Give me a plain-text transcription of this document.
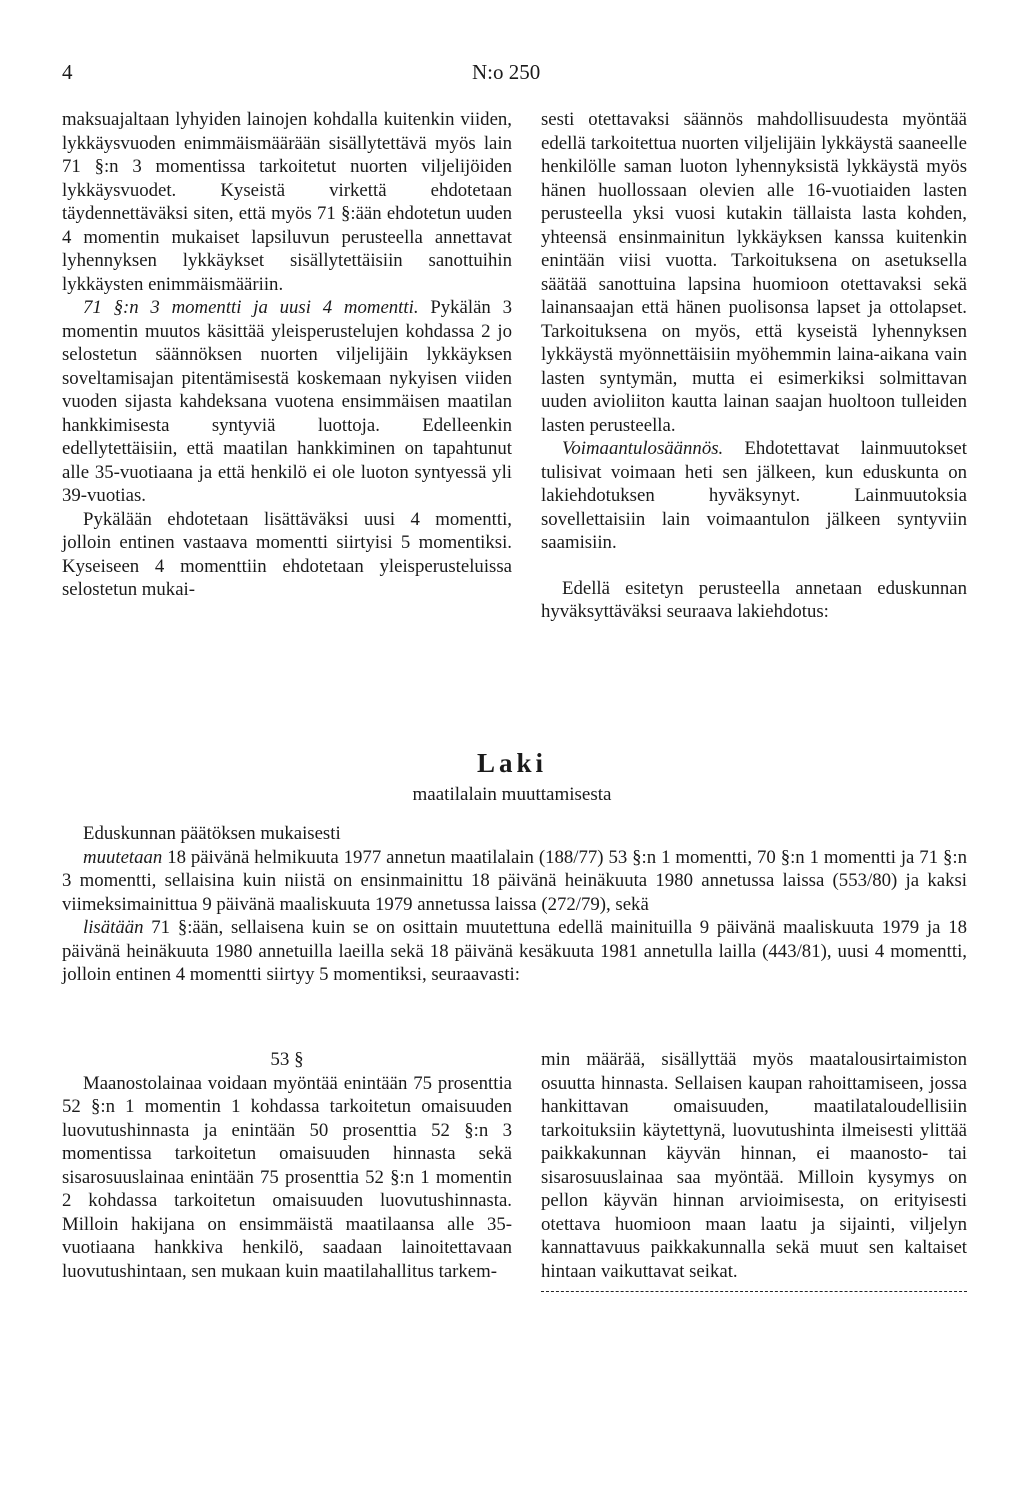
4	N:o 250

maksuajaltaan lyhyiden lainojen kohdalla kuitenkin viiden, lykkäysvuoden enimmäismäärään sisällytettävä myös lain 71 §:n 3 momentissa tarkoitetut nuorten viljelijöiden lykkäysvuodet. Kyseistä virkettä ehdotetaan täydennettäväksi siten, että myös 71 §:ään ehdotetun uuden 4 momentin mukaiset lapsiluvun perusteella annettavat lyhennyksen lykkäykset sisällytettäisiin sanottuihin lykkäysten enimmäismääriin.

71 §:n 3 momentti ja uusi 4 momentti. Pykälän 3 momentin muutos käsittää yleisperustelujen kohdassa 2 jo selostetun säännöksen nuorten viljelijäin lykkäyksen soveltamisajan pitentämisestä koskemaan nykyisen viiden vuoden sijasta kahdeksana vuotena ensimmäisen maatilan hankkimisesta syntyviä luottoja. Edelleenkin edellytettäisiin, että maatilan hankkiminen on tapahtunut alle 35-vuotiaana ja että henkilö ei ole luoton syntyessä yli 39-vuotias.

Pykälään ehdotetaan lisättäväksi uusi 4 momentti, jolloin entinen vastaava momentti siirtyisi 5 momentiksi. Kyseiseen 4 momenttiin ehdotetaan yleisperusteluissa selostetun mukai-

sesti otettavaksi säännös mahdollisuudesta myöntää edellä tarkoitettua nuorten viljelijäin lykkäystä saaneelle henkilölle saman luoton lyhennyksistä lykkäystä myös hänen huollossaan olevien alle 16-vuotiaiden lasten perusteella yksi vuosi kutakin tällaista lasta kohden, yhteensä ensinmainitun lykkäyksen kanssa kuitenkin enintään viisi vuotta. Tarkoituksena on asetuksella säätää sanottuina lapsina huomioon otettavaksi sekä lainansaajan että hänen puolisonsa lapset ja ottolapset. Tarkoituksena on myös, että kyseistä lyhennyksen lykkäystä myönnettäisiin myöhemmin laina-aikana vain lasten syntymän, mutta ei esimerkiksi solmittavan uuden avioliiton kautta lainan saajan huoltoon tulleiden lasten perusteella.

Voimaantulosäännös. Ehdotettavat lainmuutokset tulisivat voimaan heti sen jälkeen, kun eduskunta on lakiehdotuksen hyväksynyt. Lainmuutoksia sovellettaisiin lain voimaantulon jälkeen syntyviin saamisiin.

Edellä esitetyn perusteella annetaan eduskunnan hyväksyttäväksi seuraava lakiehdotus:

Laki
maatilalain muuttamisesta

Eduskunnan päätöksen mukaisesti

muutetaan 18 päivänä helmikuuta 1977 annetun maatilalain (188/77) 53 §:n 1 momentti, 70 §:n 1 momentti ja 71 §:n 3 momentti, sellaisina kuin niistä on ensinmainittu 18 päivänä heinäkuuta 1980 annetussa laissa (553/80) ja kaksi viimeksimainittua 9 päivänä maaliskuuta 1979 annetussa laissa (272/79), sekä

lisätään 71 §:ään, sellaisena kuin se on osittain muutettuna edellä mainituilla 9 päivänä maaliskuuta 1979 ja 18 päivänä heinäkuuta 1980 annetuilla laeilla sekä 18 päivänä kesäkuuta 1981 annetulla lailla (443/81), uusi 4 momentti, jolloin entinen 4 momentti siirtyy 5 momentiksi, seuraavasti:

53 §

Maanostolainaa voidaan myöntää enintään 75 prosenttia 52 §:n 1 momentin 1 kohdassa tarkoitetun omaisuuden luovutushinnasta ja enintään 50 prosenttia 52 §:n 3 momentissa tarkoitetun omaisuuden hinnasta sekä sisarosuuslainaa enintään 75 prosenttia 52 §:n 1 momentin 2 kohdassa tarkoitetun omaisuuden luovutushinnasta. Milloin hakijana on ensimmäistä maatilaansa alle 35-vuotiaana hankkiva henkilö, saadaan lainoitettavaan luovutushintaan, sen mukaan kuin maatilahallitus tarkem-

min määrää, sisällyttää myös maatalousirtaimiston osuutta hinnasta. Sellaisen kaupan rahoittamiseen, jossa hankittavan omaisuuden, maatilataloudellisiin tarkoituksiin käytettynä, luovutushinta ilmeisesti ylittää paikkakunnan käyvän hinnan, ei maanosto- tai sisarosuuslainaa saa myöntää. Milloin kysymys on pellon käyvän hinnan arvioimisesta, on erityisesti otettava huomioon maan laatu ja sijainti, viljelyn kannattavuus paikkakunnalla sekä muut sen kaltaiset hintaan vaikuttavat seikat.
